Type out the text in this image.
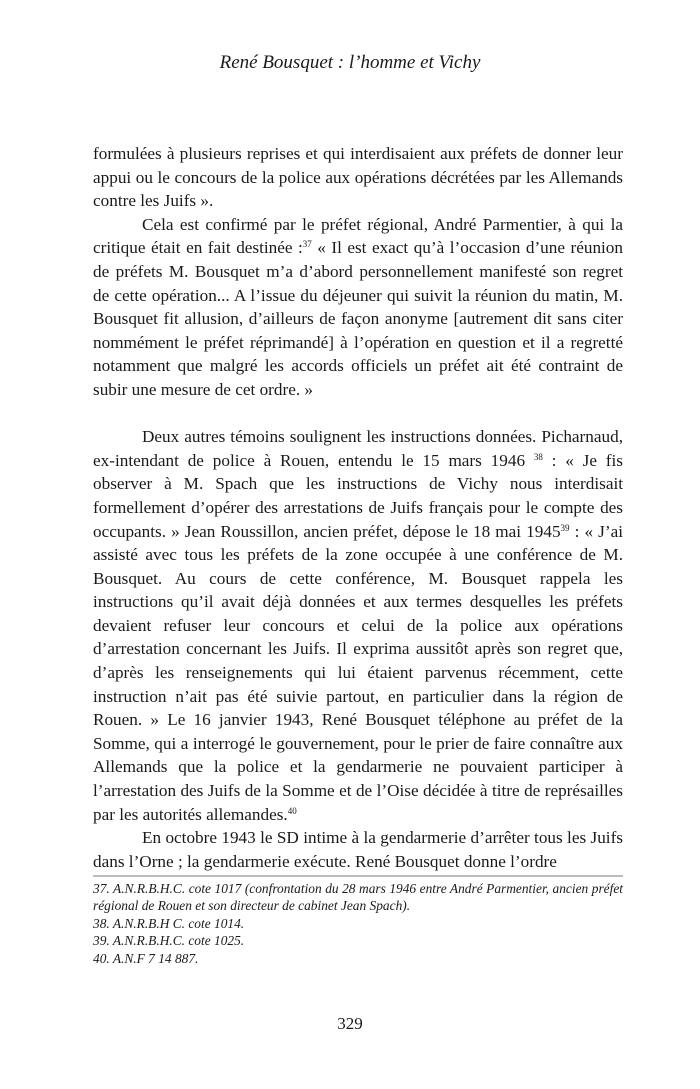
René Bousquet : l’homme et Vichy

formulées à plusieurs reprises et qui interdisaient aux préfets de donner leur appui ou le concours de la police aux opérations décrétées par les Allemands contre les Juifs ».

Cela est confirmé par le préfet régional, André Parmentier, à qui la critique était en fait destinée :$^{37}$ « Il est exact qu’à l’occasion d’une réunion de préfets M. Bousquet m’a d’abord personnellement manifesté son regret de cette opération... A l’issue du déjeuner qui suivit la réunion du matin, M. Bousquet fit allusion, d’ailleurs de façon anonyme [autrement dit sans citer nommément le préfet réprimandé] à l’opération en question et il a regretté notamment que malgré les accords officiels un préfet ait été contraint de subir une mesure de cet ordre. »

Deux autres témoins soulignent les instructions données. Picharnaud, ex-intendant de police à Rouen, entendu le 15 mars 1946 $^{38}$ : « Je fis observer à M. Spach que les instructions de Vichy nous interdisait formellement d’opérer des arrestations de Juifs français pour le compte des occupants. » Jean Roussillon, ancien préfet, dépose le 18 mai 1945$^{39}$ : « J’ai assisté avec tous les préfets de la zone occupée à une conférence de M. Bousquet. Au cours de cette conférence, M. Bousquet rappela les instructions qu’il avait déjà données et aux termes desquelles les préfets devaient refuser leur concours et celui de la police aux opérations d’arrestation concernant les Juifs. Il exprima aussitôt après son regret que, d’après les renseignements qui lui étaient parvenus récemment, cette instruction n’ait pas été suivie partout, en particulier dans la région de Rouen. » Le 16 janvier 1943, René Bousquet téléphone au préfet de la Somme, qui a interrogé le gouvernement, pour le prier de faire connaître aux Allemands que la police et la gendarmerie ne pouvaient participer à l’arrestation des Juifs de la Somme et de l’Oise décidée à titre de représailles par les autorités allemandes.$^{40}$

En octobre 1943 le SD intime à la gendarmerie d’arrêter tous les Juifs dans l’Orne ; la gendarmerie exécute. René Bousquet donne l’ordre

37. A.N.R.B.H.C. cote 1017 (confrontation du 28 mars 1946 entre André Parmentier, ancien préfet régional de Rouen et son directeur de cabinet Jean Spach).
38. A.N.R.B.H C. cote 1014.
39. A.N.R.B.H.C. cote 1025.
40. A.N.F 7 14 887.
329
